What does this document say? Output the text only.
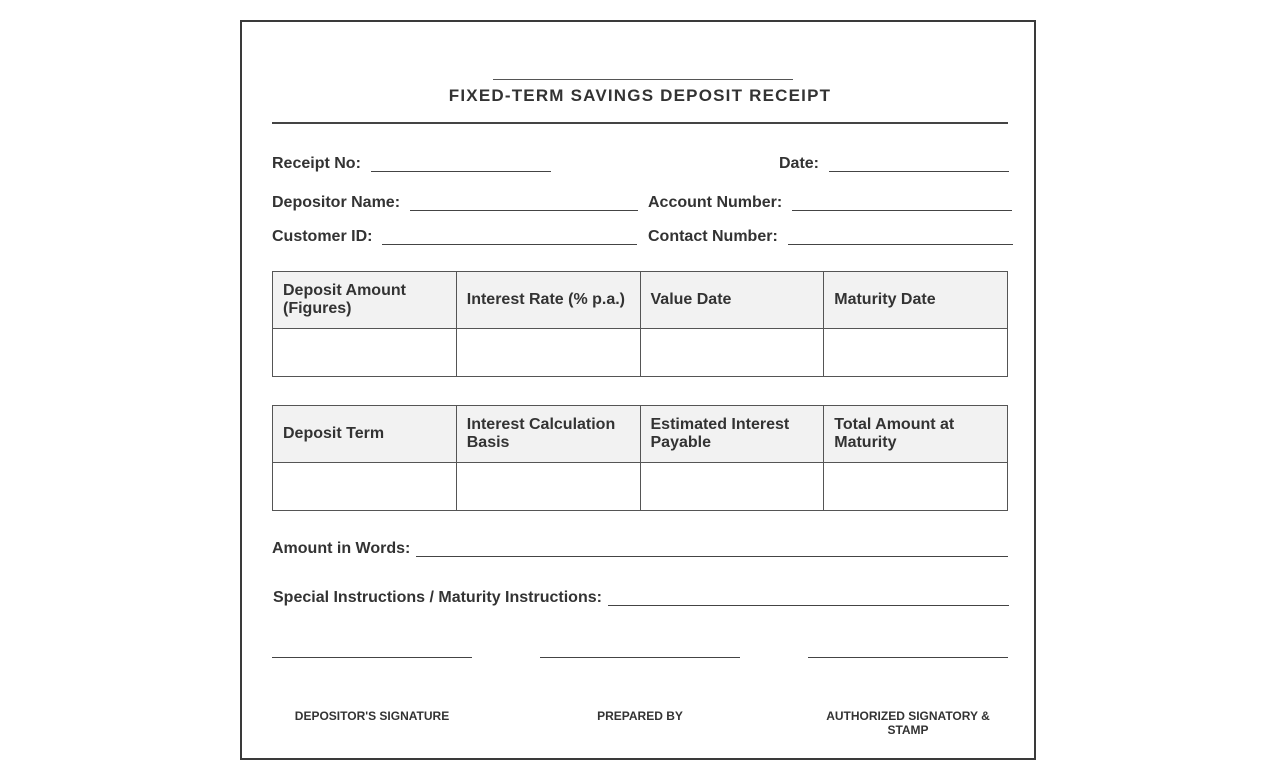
FIXED-TERM SAVINGS DEPOSIT RECEIPT
Receipt No:	Date:
Depositor Name:	Account Number:
Customer ID:	Contact Number:
Deposit Amount (Figures)	Interest Rate (% p.a.)	Value Date	Maturity Date

Deposit Term	Interest Calculation Basis	Estimated Interest Payable	Total Amount at Maturity

Amount in Words:
Special Instructions / Maturity Instructions:
DEPOSITOR'S SIGNATURE	PREPARED BY	AUTHORIZED SIGNATORY & STAMP
